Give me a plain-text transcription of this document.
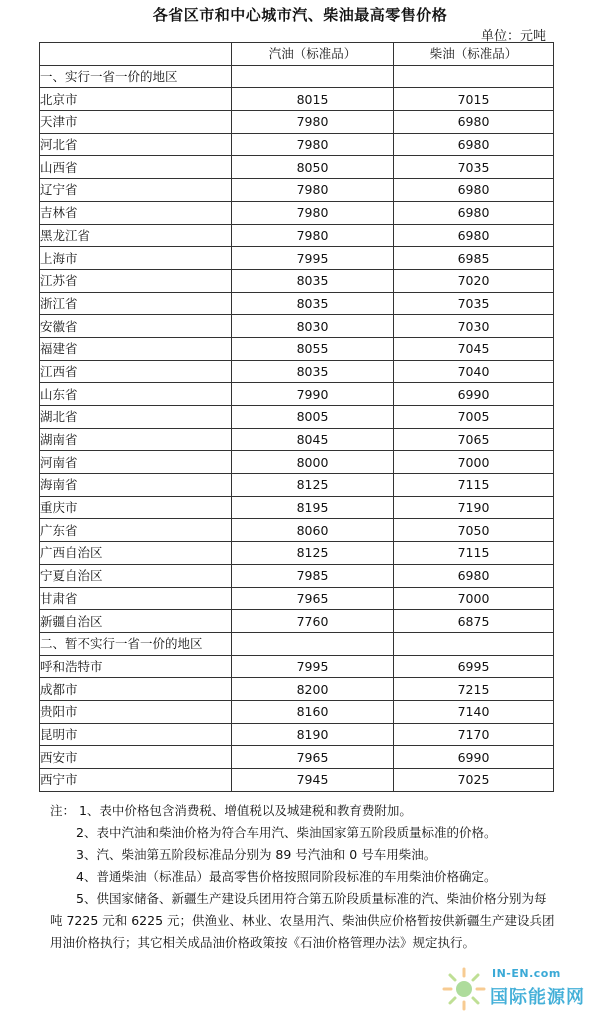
各省区市和中心城市汽、柴油最高零售价格
单位：元吨
	汽油（标准品）	柴油（标准品）
一、实行一省一价的地区		
北京市	8015	7015
天津市	7980	6980
河北省	7980	6980
山西省	8050	7035
辽宁省	7980	6980
吉林省	7980	6980
黑龙江省	7980	6980
上海市	7995	6985
江苏省	8035	7020
浙江省	8035	7035
安徽省	8030	7030
福建省	8055	7045
江西省	8035	7040
山东省	7990	6990
湖北省	8005	7005
湖南省	8045	7065
河南省	8000	7000
海南省	8125	7115
重庆市	8195	7190
广东省	8060	7050
广西自治区	8125	7115
宁夏自治区	7985	6980
甘肃省	7965	7000
新疆自治区	7760	6875
二、暂不实行一省一价的地区		
呼和浩特市	7995	6995
成都市	8200	7215
贵阳市	8160	7140
昆明市	8190	7170
西安市	7965	6990
西宁市	7945	7025

注： 1、表中价格包含消费税、增值税以及城建税和教育费附加。

2、表中汽油和柴油价格为符合车用汽、柴油国家第五阶段质量标准的价格。

3、汽、柴油第五阶段标准品分别为 89 号汽油和 0 号车用柴油。

4、普通柴油（标准品）最高零售价格按照同阶段标准的车用柴油价格确定。

5、供国家储备、新疆生产建设兵团用符合第五阶段质量标准的汽、柴油价格分别为每吨 7225 元和 6225 元；供渔业、林业、农垦用汽、柴油供应价格暂按供新疆生产建设兵团用油价格执行；其它相关成品油价格政策按《石油价格管理办法》规定执行。

IN-EN.com
国际能源网
